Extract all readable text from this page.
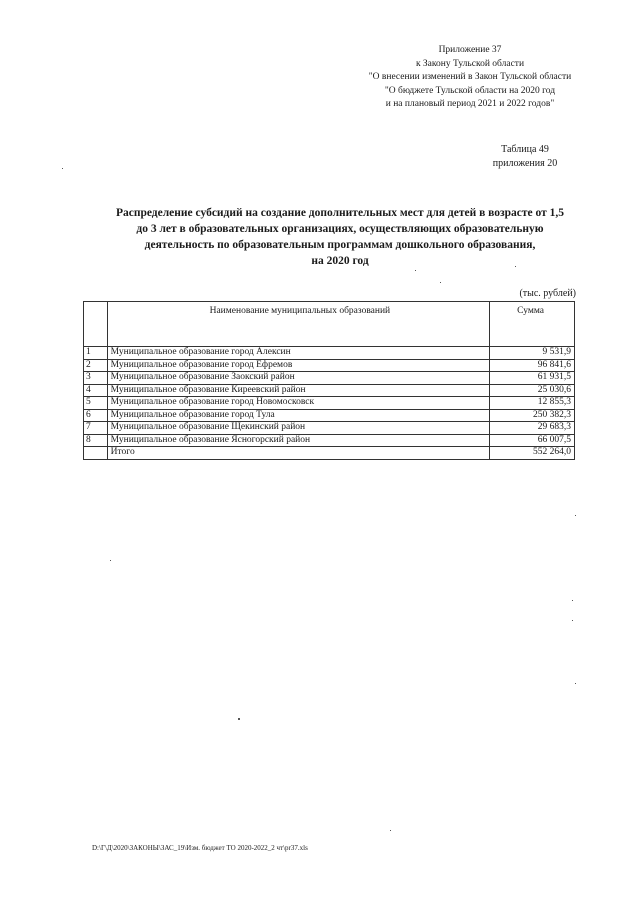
Приложение 37
к Закону Тульской области
"О внесении изменений в Закон Тульской области
"О бюджете Тульской области на 2020 год
и на плановый период 2021 и 2022 годов"
Таблица 49
приложения 20
Распределение субсидий на создание дополнительных мест для детей в возрасте от 1,5
до 3 лет в образовательных организациях, осуществляющих образовательную
деятельность по образовательным программам дошкольного образования,
на 2020 год
(тыс. рублей)
	Наименование муниципальных образований	Сумма
1	Муниципальное образование город Алексин	9 531,9
2	Муниципальное образование город Ефремов	96 841,6
3	Муниципальное образование Заокский район	61 931,5
4	Муниципальное образование Киреевский район	25 030,6
5	Муниципальное образование город Новомосковск	12 855,3
6	Муниципальное образование город Тула	250 382,3
7	Муниципальное образование Щекинский район	29 683,3
8	Муниципальное образование Ясногорский район	66 007,5
	Итого	552 264,0
D:\Г\Д\2020\ЗАКОНЫ\ЗАС_19\Изм. бюджет ТО 2020-2022_2 чт\pr37.xls
